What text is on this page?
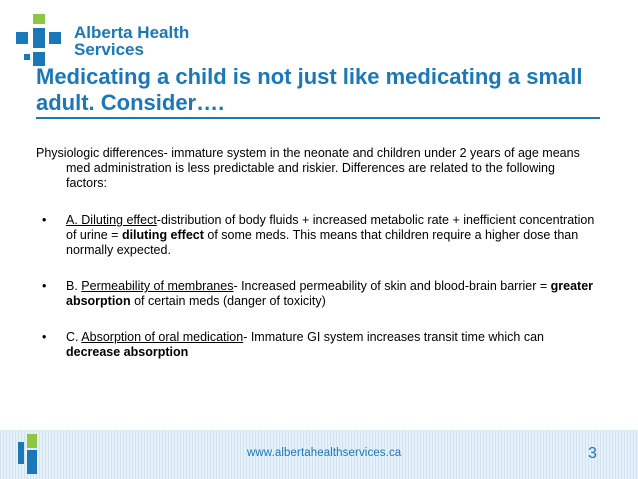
Alberta Health
Services
Medicating a child is not just like medicating a small adult. Consider….

Physiologic differences- immature system in the neonate and children under 2 years of age means med administration is less predictable and riskier. Differences are related to the following factors:

• A. Diluting effect-distribution of body fluids + increased metabolic rate + inefficient concentration of urine = diluting effect of some meds. This means that children require a higher dose than normally expected.
• B. Permeability of membranes- Increased permeability of skin and blood-brain barrier = greater absorption of certain meds (danger of toxicity)
• C. Absorption of oral medication- Immature GI system increases transit time which can decrease absorption
www.albertahealthservices.ca	3
